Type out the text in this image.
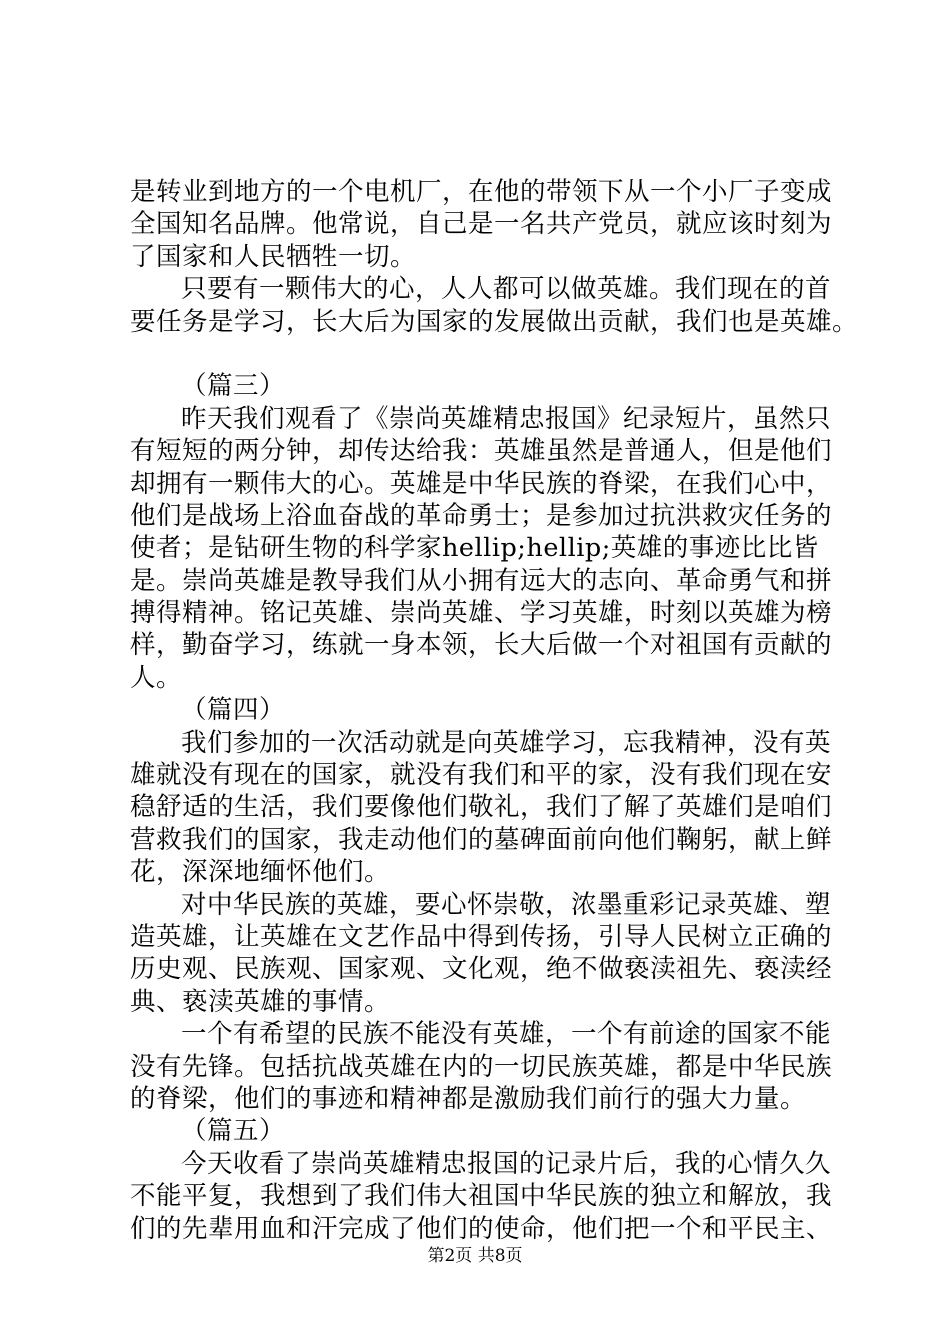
是转业到地方的一个电机厂，在他的带领下从一个小厂子变成
全国知名品牌。他常说，自己是一名共产党员，就应该时刻为
了国家和人民牺牲一切。
只要有一颗伟大的心，人人都可以做英雄。我们现在的首
要任务是学习，长大后为国家的发展做出贡献，我们也是英雄。
（篇三）
昨天我们观看了《崇尚英雄精忠报国》纪录短片，虽然只
有短短的两分钟，却传达给我：英雄虽然是普通人，但是他们
却拥有一颗伟大的心。英雄是中华民族的脊梁，在我们心中，
他们是战场上浴血奋战的革命勇士；是参加过抗洪救灾任务的
使者；是钻研生物的科学家hellip;hellip;英雄的事迹比比皆
是。崇尚英雄是教导我们从小拥有远大的志向、革命勇气和拼
搏得精神。铭记英雄、崇尚英雄、学习英雄，时刻以英雄为榜
样，勤奋学习，练就一身本领，长大后做一个对祖国有贡献的
人。
（篇四）
我们参加的一次活动就是向英雄学习，忘我精神，没有英
雄就没有现在的国家，就没有我们和平的家，没有我们现在安
稳舒适的生活，我们要像他们敬礼，我们了解了英雄们是咱们
营救我们的国家，我走动他们的墓碑面前向他们鞠躬，献上鲜
花，深深地缅怀他们。
对中华民族的英雄，要心怀崇敬，浓墨重彩记录英雄、塑
造英雄，让英雄在文艺作品中得到传扬，引导人民树立正确的
历史观、民族观、国家观、文化观，绝不做亵渎祖先、亵渎经
典、亵渎英雄的事情。
一个有希望的民族不能没有英雄，一个有前途的国家不能
没有先锋。包括抗战英雄在内的一切民族英雄，都是中华民族
的脊梁，他们的事迹和精神都是激励我们前行的强大力量。
（篇五）
今天收看了崇尚英雄精忠报国的记录片后，我的心情久久
不能平复，我想到了我们伟大祖国中华民族的独立和解放，我
们的先辈用血和汗完成了他们的使命，他们把一个和平民主、
第2页 共8页
